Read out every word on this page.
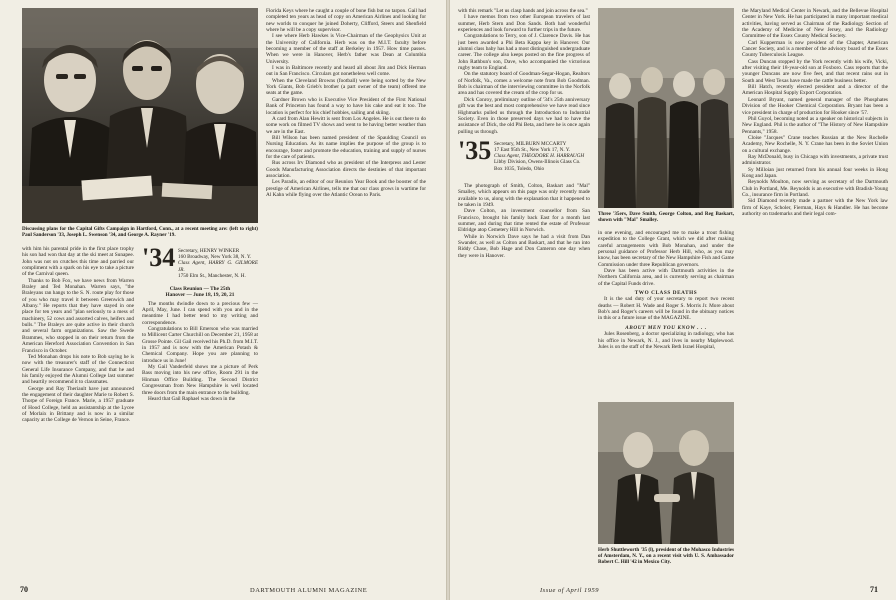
Discussing plans for the Capital Gifts Campaign in Hartford, Conn., at a recent meeting are: (left to right) Paul Sanderson '33, Joseph L. Swenson '34, and George A. Rayner '19.

with him his parental pride in the first place trophy his son had won that day at the ski meet at Sunapee. John was not on crutches this time and parried our compliment with a spark on his eye to take a picture of the Carnival queen.

Thanks to Bob Fox, we have news from Warren Braley and Ted Monahan. Warren says, "the Braleyans ran hangs to the S. N. route play for those of you who may travel it between Greenwich and Albany." He reports that they have stayed in one place for ten years and "plan seriously to a mess of machinery, 52 cows and assorted calves, heifers and bulls." The Braleys are quite active in their church and several farm organizations. Saw the Swede Brammes, who stopped in on their return from the American Hereford Association Convention in San Francisco in October.

Ted Monahan drops his note to Bob saying he is now with the treasurer's staff of the Connecticut General Life Insurance Company, and that he and his family enjoyed the Alumni College last summer and heartily recommend it to classmates.

George and Ray Theriault have just announced the engagement of their daughter Marie to Robert S. Thorpe of Foreign France. Marie, a 1957 graduate of Hood College, held an assistantship at the Lycee of Morlaix in Brittany and is now in a similar capacity at the College de Vernon in Seine, France.

'34 Secretary, HENRY WINKER
160 Broadway, New York 38, N. Y.
Class Agent, HARRY G. GILMORE JR.
1750 Elm St., Manchester, N. H.
Class Reunion — The 25th
Hanover — June 18, 19, 20, 21

The months dwindle down to a precious few — April, May, June. I can spend with you and in the meantime I had better tend to my writing and correspondence.

Congratulations to Bill Emerson who was married to Millicent Carter Churchill on December 21, 1958 at Grosse Pointe. Gil Gail received his Ph.D. from M.I.T. in 1957 and is now with the American Potash & Chemical Company. Hope you are planning to introduce us in June!

My Gail Vanderfeld shows me a picture of Perk Bass moving into his new office, Room 291 in the Hinman Office Building. The Second District Congressman from New Hampshire is well located three doors from the main entrance to the building.

Heard that Gail Raphael was down in the

Florida Keys where he caught a couple of bone fish but no tarpon. Gail had completed ten years as head of copy on American Airlines and looking for new worlds to conquer he joined Doherty, Clifford, Steers and Shenfield where he will be a copy supervisor.

I see where Herb Hawkes is Vice-Chairman of the Geophysics Unit at the University of California. Herb was on the M.I.T. faculty before becoming a member of the staff at Berkeley in 1957. How time passes. When we were in Hanover, Herb's father was Dean at Columbia University.

I was in Baltimore recently and heard all about Jim and Dick Herman out in San Francisco. Circulars got nonetheless well come.

When the Cleveland Browns (football) were being sorted by the New York Giants, Bob Grieb's brother (a part owner of the team) offered me seats at the game.

Gardner Brown who is Executive Vice President of the First National Bank of Princeton has found a way to have his cake and eat it too. The location is perfect for his chief hobbies, sailing and skiing.

A card from Alan Hewitt is sent from Los Angeles. He is out there to do some work on filmed TV shows and went to be having better weather than we are in the East.

Bill Wilson has been named president of the Spaulding Council on Nursing Education. As its name implies the purpose of the group is to encourage, foster and promote the education, training and supply of nurses for the care of patients.

Rus across Irv Diamond who as president of the Interpress and Lester Goods Manufacturing Association directs the destinies of that important association.

Les Paradis, an editor of our Reunion Year Book and the booster of the prestige of American Airlines, tells me that our class grows in wartime for Al Kahn while flying over the Atlantic Ocean to Paris.

70	DARTMOUTH ALUMNI MAGAZINE

with this remark "Let us clasp hands and join across the sea."

I have memos from two other European travelers of last summer, Herb Stern and Don Sands. Both had wonderful experiences and look forward to further trips in the future.

Congratulations to Terry, son of J. Clarence Davis. He has just been awarded a Phi Beta Kappa key in Hanover. Our alumni class baby has had a most distinguished undergraduate career. The college also keeps posted on the fine progress of John Rathbun's son, Dave, who accompanied the victorious rugby team to England.

On the statutory board of Goodman-Segar-Hogan, Realtors of Norfolk, Va., comes a welcome note from Bob Goodman. Bob is chairman of the interviewing committee in the Norfolk area and has covered the cream of the crop for us.

Dick Conroy, preliminary outline of '34's 25th anniversary gift was the best and most comprehensive we have read since Highmarks pulled us through the Introduction to Industrial Society. Even in those preserved days we had to have the assistance of Dick, the old Phi Beta, and here he is once again pulling us through.

'35 Secretary, MILBURN MCCARTY
17 East 95th St., New York 17, N. Y.
Class Agent, THEODORE H. HARRAUGH
Libby Division, Owens-Illinois Glass Co.
Box 1035, Toledo, Ohio

The photograph of Smith, Colton, Baskart and "Mal" Smalley, which appears on this page was only recently made available to us, along with the explanation that it happened to be taken in 1949.

Dave Colton, an investment counsellor from San Francisco, brought his family back East for a month last summer, and during that time rented the estate of Professor Eldridge atop Cemetery Hill in Norwich.

While in Norwich Dave says he had a visit from Dan Swander, as well as Colton and Baskart, and that he ran into Riddy Chase, Bob Hage and Don Cameron one day when they were in Hanover.

Three '35ers, Dave Smith, George Colton, and Reg Baskart, shown with "Mal" Smalley.

in one evening, and encouraged me to make a trout fishing expedition to the College Grant, which we did after making careful arrangements with Bob Monahan, and under the personal guidance of Professor Herb Hill, who, as you may know, has been secretary of the New Hampshire Fish and Game Commission under three Republican governors.

Dave has been active with Dartmouth activities in the Northern California area, and is currently serving as chairman of the Capital Funds drive.

TWO CLASS DEATHS

It is the sad duty of your secretary to report two recent deaths — Robert H. Wade and Roger S. Morris Jr. More about Bob's and Roger's careers will be found in the obituary notices in this or a future issue of the MAGAZINE.

ABOUT MEN YOU KNOW . . .

Jules Rosenberg, a doctor specializing in radiology, who has his office in Newark, N. J., and lives in nearby Maplewood. Jules is on the staff of the Newark Beth Israel Hospital,

Herb Shuttleworth '35 (l), president of the Mohasco Industries of Amsterdam, N. Y., on a recent visit with U. S. Ambassador Robert C. Hill '42 in Mexico City.

the Maryland Medical Center in Newark, and the Bellevue Hospital Center in New York. He has participated in many important medical activities, having served as Chairman of the Radiology Section of the Academy of Medicine of New Jersey, and the Radiology Committee of the Essex County Medical Society.

Carl Kupperman is now president of the Chapter, American Cancer Society, and is a member of the advisory board of the Essex County Tuberculosis League.

Cass Duncan stopped by the York recently with his wife, Vicki, after visiting their 18-year-old son at Foxboro. Cass reports that the younger Duncans are now five feet, and that recent rains out in South and West Texas have made the cattle business better.

Bill Hatch, recently elected president and a director of the American Hospital Supply Export Corporation.

Leonard Bryant, named general manager of the Phosphates Division of the Hooker Chemical Corporation. Bryant has been a vice president in charge of production for Hooker since '57.

Phil Guyol, becoming noted as a speaker on historical subjects in New England. Phil is the author of "The History of New Hampshire Pennants," 1958.

Cloise "Jacques" Crane teaches Russian at the New Rochelle Academy, New Rochelle, N. Y. Crane has been in the Soviet Union on a cultural exchange.

Ray McDonald, busy in Chicago with investments, a private trust administrator.

Sy Milloian just returned from his annual four weeks in Hong Kong and Japan.

Reynolds Moulton, now serving as secretary of the Dartmouth Club in Portland, Me. Reynolds is an executive with Bradish-Young Co., insurance firm in Portland.

Sid Diamond recently made a partner with the New York law firm of Kaye, Scholer, Fierman, Hays & Handler. He has become authority on trademarks and their legal com-

Issue of April 1959	71
